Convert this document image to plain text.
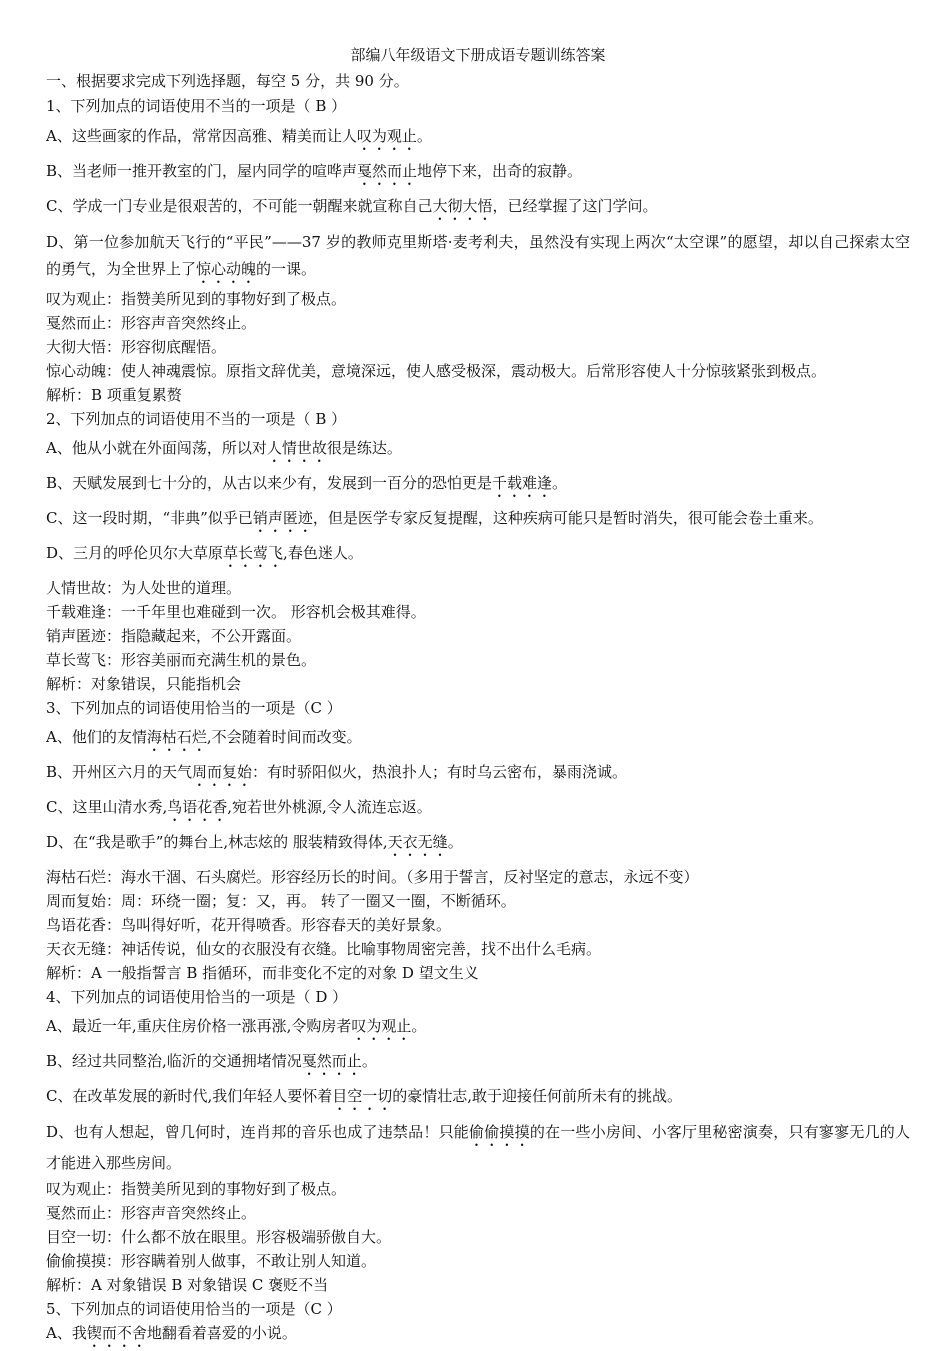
部编八年级语文下册成语专题训练答案
一、根据要求完成下列选择题，每空 5 分，共 90 分。
1、下列加点的词语使用不当的一项是（ B ）
A、这些画家的作品，常常因高雅、精美而让人叹为观止。
B、当老师一推开教室的门，屋内同学的喧哗声戛然而止地停下来，出奇的寂静。
C、学成一门专业是很艰苦的，不可能一朝醒来就宣称自己大彻大悟，已经掌握了这门学问。
D、第一位参加航天飞行的“平民”——37 岁的教师克里斯塔·麦考利夫，虽然没有实现上两次“太空课”的愿望，却以自己探索太空的勇气，为全世界上了惊心动魄的一课。
叹为观止：指赞美所见到的事物好到了极点。
戛然而止：形容声音突然终止。
大彻大悟：形容彻底醒悟。
惊心动魄：使人神魂震惊。原指文辞优美，意境深远，使人感受极深，震动极大。后常形容使人十分惊骇紧张到极点。
解析：B 项重复累赘
2、下列加点的词语使用不当的一项是（ B ）
A、他从小就在外面闯荡，所以对人情世故很是练达。
B、天赋发展到七十分的，从古以来少有，发展到一百分的恐怕更是千载难逢。
C、这一段时期，“非典”似乎已销声匿迹，但是医学专家反复提醒，这种疾病可能只是暂时消失，很可能会卷土重来。
D、三月的呼伦贝尔大草原草长莺飞,春色迷人。
人情世故：为人处世的道理。
千载难逢：一千年里也难碰到一次。 形容机会极其难得。
销声匿迹：指隐藏起来，不公开露面。
草长莺飞：形容美丽而充满生机的景色。
解析：对象错误，只能指机会
3、下列加点的词语使用恰当的一项是（C ）
A、他们的友情海枯石烂,不会随着时间而改变。
B、开州区六月的天气周而复始：有时骄阳似火，热浪扑人；有时乌云密布，暴雨浇诚。
C、这里山清水秀,鸟语花香,宛若世外桃源,令人流连忘返。
D、在“我是歌手”的舞台上,林志炫的 服装精致得体,天衣无缝。
海枯石烂：海水干涸、石头腐烂。形容经历长的时间。（多用于誓言，反衬坚定的意志，永远不变）
周而复始：周：环绕一圈；复：又，再。 转了一圈又一圈，不断循环。
鸟语花香：鸟叫得好听，花开得喷香。形容春天的美好景象。
天衣无缝：神话传说，仙女的衣服没有衣缝。比喻事物周密完善，找不出什么毛病。
解析：A 一般指誓言 B 指循环，而非变化不定的对象 D 望文生义
4、下列加点的词语使用恰当的一项是（ D ）
A、最近一年,重庆住房价格一涨再涨,令购房者叹为观止。
B、经过共同整治,临沂的交通拥堵情况戛然而止。
C、在改革发展的新时代,我们年轻人要怀着目空一切的豪情壮志,敢于迎接任何前所未有的挑战。
D、也有人想起，曾几何时，连肖邦的音乐也成了违禁品！只能偷偷摸摸的在一些小房间、小客厅里秘密演奏，只有寥寥无几的人才能进入那些房间。
叹为观止：指赞美所见到的事物好到了极点。
戛然而止：形容声音突然终止。
目空一切：什么都不放在眼里。形容极端骄傲自大。
偷偷摸摸：形容瞒着别人做事，不敢让别人知道。
解析：A 对象错误 B 对象错误 C 褒贬不当
5、下列加点的词语使用恰当的一项是（C ）
A、我锲而不舍地翻看着喜爱的小说。
